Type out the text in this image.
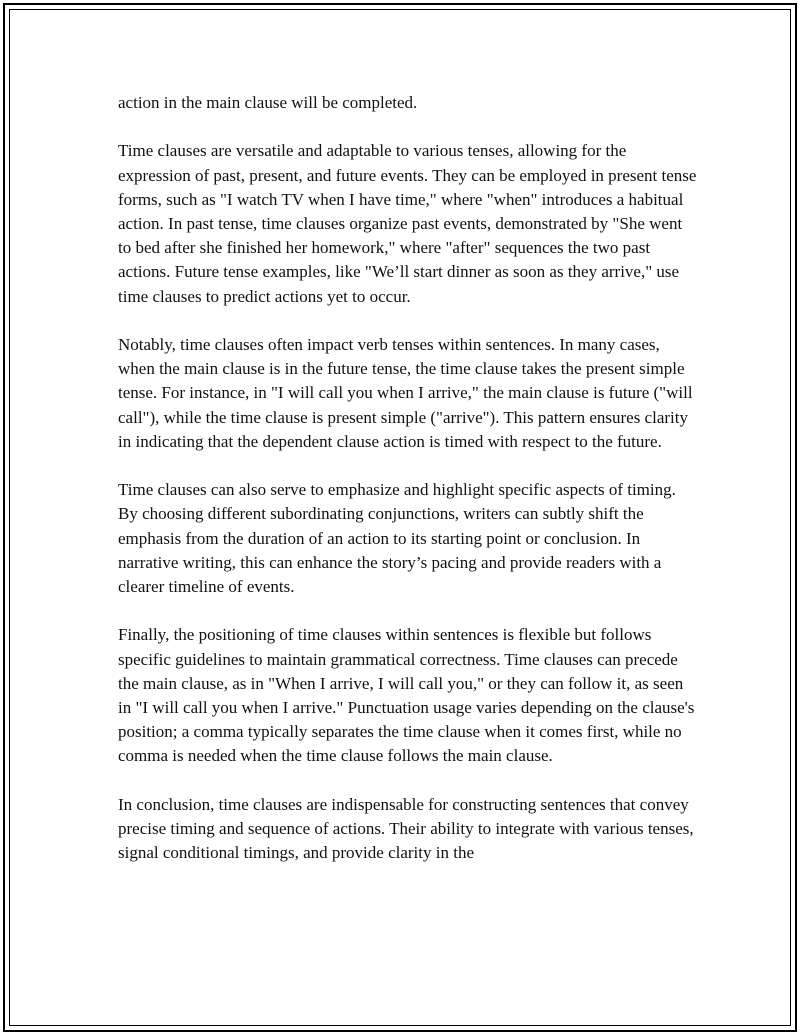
action in the main clause will be completed.

Time clauses are versatile and adaptable to various tenses, allowing for the expression of past, present, and future events. They can be employed in present tense forms, such as "I watch TV when I have time," where "when" introduces a habitual action. In past tense, time clauses organize past events, demonstrated by "She went to bed after she finished her homework," where "after" sequences the two past actions. Future tense examples, like "We’ll start dinner as soon as they arrive," use time clauses to predict actions yet to occur.

Notably, time clauses often impact verb tenses within sentences. In many cases, when the main clause is in the future tense, the time clause takes the present simple tense. For instance, in "I will call you when I arrive," the main clause is future ("will call"), while the time clause is present simple ("arrive"). This pattern ensures clarity in indicating that the dependent clause action is timed with respect to the future.

Time clauses can also serve to emphasize and highlight specific aspects of timing. By choosing different subordinating conjunctions, writers can subtly shift the emphasis from the duration of an action to its starting point or conclusion. In narrative writing, this can enhance the story’s pacing and provide readers with a clearer timeline of events.

Finally, the positioning of time clauses within sentences is flexible but follows specific guidelines to maintain grammatical correctness. Time clauses can precede the main clause, as in "When I arrive, I will call you," or they can follow it, as seen in "I will call you when I arrive." Punctuation usage varies depending on the clause's position; a comma typically separates the time clause when it comes first, while no comma is needed when the time clause follows the main clause.

In conclusion, time clauses are indispensable for constructing sentences that convey precise timing and sequence of actions. Their ability to integrate with various tenses, signal conditional timings, and provide clarity in the
